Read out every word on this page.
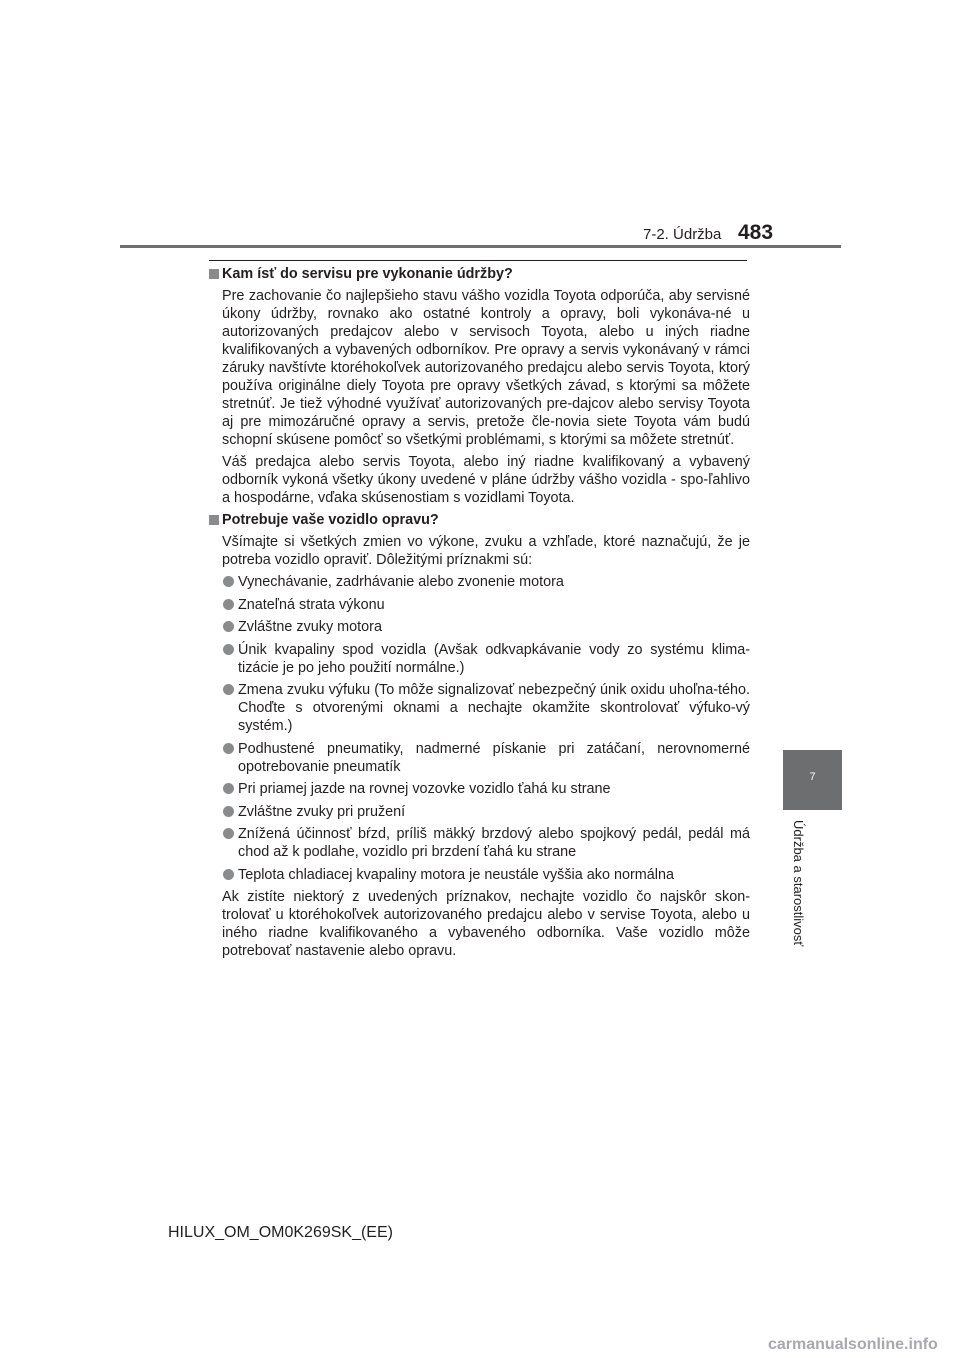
7-2. Údržba 483
Kam ísť do servisu pre vykonanie údržby?
Pre zachovanie čo najlepšieho stavu vášho vozidla Toyota odporúča, aby servisné úkony údržby, rovnako ako ostatné kontroly a opravy, boli vykonáva-né u autorizovaných predajcov alebo v servisoch Toyota, alebo u iných riadne kvalifikovaných a vybavených odborníkov. Pre opravy a servis vykonávaný v rámci záruky navštívte ktoréhokoľvek autorizovaného predajcu alebo servis Toyota, ktorý používa originálne diely Toyota pre opravy všetkých závad, s ktorými sa môžete stretnúť. Je tiež výhodné využívať autorizovaných pre-dajcov alebo servisy Toyota aj pre mimozáručné opravy a servis, pretože čle-novia siete Toyota vám budú schopní skúsene pomôcť so všetkými problémami, s ktorými sa môžete stretnúť.
Váš predajca alebo servis Toyota, alebo iný riadne kvalifikovaný a vybavený odborník vykoná všetky úkony uvedené v pláne údržby vášho vozidla - spo-ľahlivo a hospodárne, vďaka skúsenostiam s vozidlami Toyota.
Potrebuje vaše vozidlo opravu?
Všímajte si všetkých zmien vo výkone, zvuku a vzhľade, ktoré naznačujú, že je potreba vozidlo opraviť. Dôležitými príznakmi sú:
Vynechávanie, zadrhávanie alebo zvonenie motora
Znateľná strata výkonu
Zvláštne zvuky motora
Únik kvapaliny spod vozidla (Avšak odkvapkávanie vody zo systému klima-tizácie je po jeho použití normálne.)
Zmena zvuku výfuku (To môže signalizovať nebezpečný únik oxidu uhoľna-tého. Choďte s otvorenými oknami a nechajte okamžite skontrolovať výfuko-vý systém.)
Podhustené pneumatiky, nadmerné pískanie pri zatáčaní, nerovnomerné opotrebovanie pneumatík
Pri priamej jazde na rovnej vozovke vozidlo ťahá ku strane
Zvláštne zvuky pri pružení
Znížená účinnosť bŕzd, príliš mäkký brzdový alebo spojkový pedál, pedál má chod až k podlahe, vozidlo pri brzdení ťahá ku strane
Teplota chladiacej kvapaliny motora je neustále vyššia ako normálna
Ak zistíte niektorý z uvedených príznakov, nechajte vozidlo čo najskôr skon-trolovať u ktoréhokoľvek autorizovaného predajcu alebo v servise Toyota, alebo u iného riadne kvalifikovaného a vybaveného odborníka. Vaše vozidlo môže potrebovať nastavenie alebo opravu.
7
Údržba a starostlivosť
HILUX_OM_OM0K269SK_(EE)
carmanualsonline.info
